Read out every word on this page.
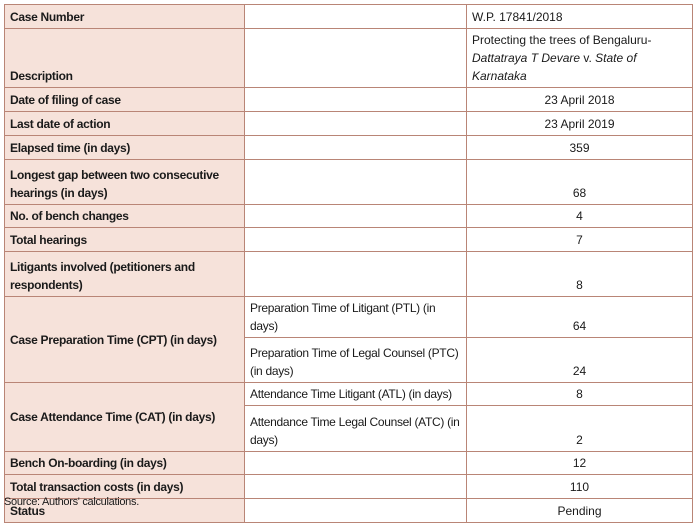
Case Number		W.P. 17841/2018
Description		Protecting the trees of Bengaluru-Dattatraya T Devare v. State of Karnataka
Date of filing of case		23 April 2018
Last date of action		23 April 2019
Elapsed time (in days)		359
Longest gap between two consecutive hearings (in days)		68
No. of bench changes		4
Total hearings		7
Litigants involved (petitioners and respondents)		8
Case Preparation Time (CPT) (in days)	Preparation Time of Litigant (PTL) (in days)	64
	Preparation Time of Legal Counsel (PTC) (in days)	24
Case Attendance Time (CAT) (in days)	Attendance Time Litigant (ATL) (in days)	8
	Attendance Time Legal Counsel (ATC) (in days)	2
Bench On-boarding (in days)		12
Total transaction costs (in days)		110
Status		Pending
Source: Authors' calculations.
